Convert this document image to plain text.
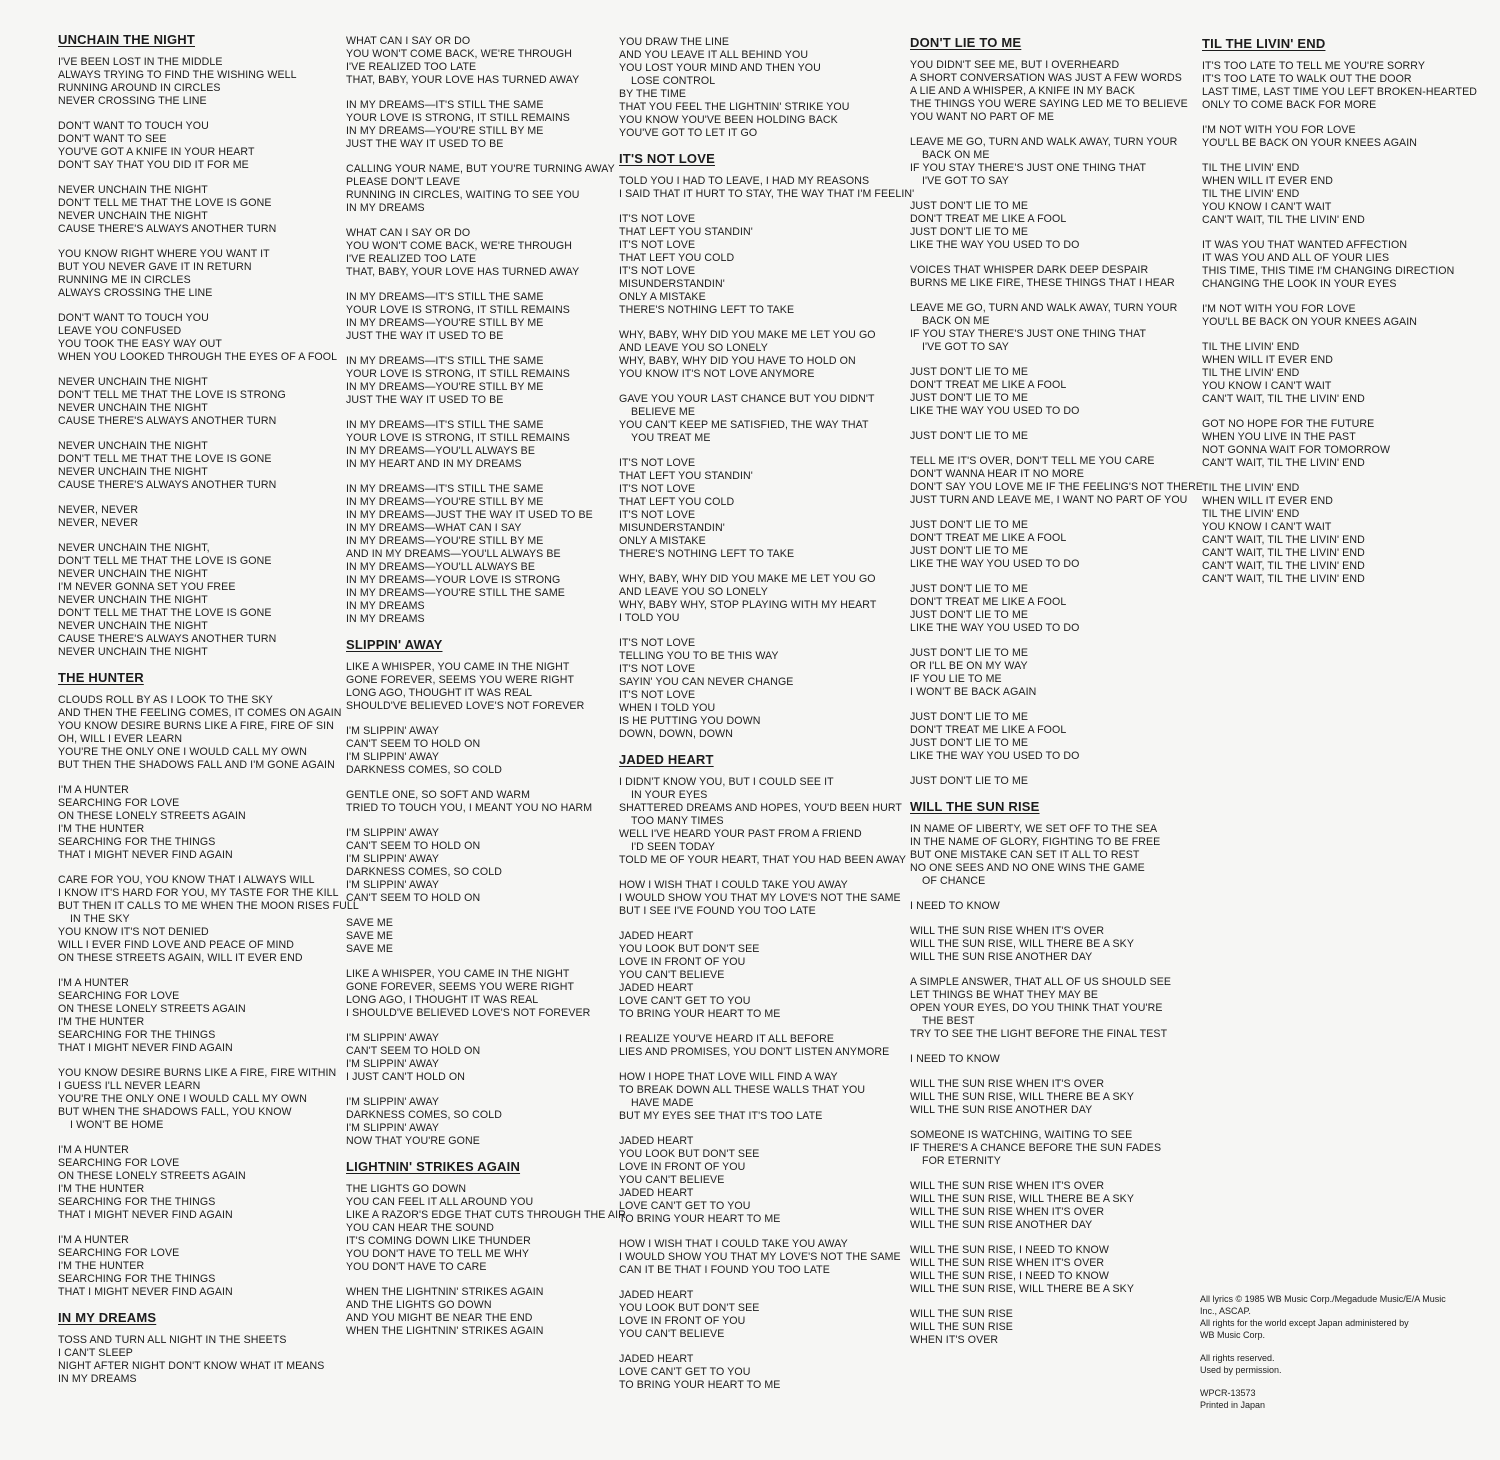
UNCHAIN THE NIGHT
I'VE BEEN LOST IN THE MIDDLE
ALWAYS TRYING TO FIND THE WISHING WELL
RUNNING AROUND IN CIRCLES
NEVER CROSSING THE LINE
DON'T WANT TO TOUCH YOU
DON'T WANT TO SEE
YOU'VE GOT A KNIFE IN YOUR HEART
DON'T SAY THAT YOU DID IT FOR ME
NEVER UNCHAIN THE NIGHT
DON'T TELL ME THAT THE LOVE IS GONE
NEVER UNCHAIN THE NIGHT
CAUSE THERE'S ALWAYS ANOTHER TURN
YOU KNOW RIGHT WHERE YOU WANT IT
BUT YOU NEVER GAVE IT IN RETURN
RUNNING ME IN CIRCLES
ALWAYS CROSSING THE LINE
DON'T WANT TO TOUCH YOU
LEAVE YOU CONFUSED
YOU TOOK THE EASY WAY OUT
WHEN YOU LOOKED THROUGH THE EYES OF A FOOL
NEVER UNCHAIN THE NIGHT
DON'T TELL ME THAT THE LOVE IS STRONG
NEVER UNCHAIN THE NIGHT
CAUSE THERE'S ALWAYS ANOTHER TURN
NEVER UNCHAIN THE NIGHT
DON'T TELL ME THAT THE LOVE IS GONE
NEVER UNCHAIN THE NIGHT
CAUSE THERE'S ALWAYS ANOTHER TURN
NEVER, NEVER
NEVER, NEVER
NEVER UNCHAIN THE NIGHT,
DON'T TELL ME THAT THE LOVE IS GONE
NEVER UNCHAIN THE NIGHT
I'M NEVER GONNA SET YOU FREE
NEVER UNCHAIN THE NIGHT
DON'T TELL ME THAT THE LOVE IS GONE
NEVER UNCHAIN THE NIGHT
CAUSE THERE'S ALWAYS ANOTHER TURN
NEVER UNCHAIN THE NIGHT
THE HUNTER
CLOUDS ROLL BY AS I LOOK TO THE SKY
AND THEN THE FEELING COMES, IT COMES ON AGAIN
YOU KNOW DESIRE BURNS LIKE A FIRE, FIRE OF SIN
OH, WILL I EVER LEARN
YOU'RE THE ONLY ONE I WOULD CALL MY OWN
BUT THEN THE SHADOWS FALL AND I'M GONE AGAIN
I'M A HUNTER
SEARCHING FOR LOVE
ON THESE LONELY STREETS AGAIN
I'M THE HUNTER
SEARCHING FOR THE THINGS
THAT I MIGHT NEVER FIND AGAIN
CARE FOR YOU, YOU KNOW THAT I ALWAYS WILL
I KNOW IT'S HARD FOR YOU, MY TASTE FOR THE KILL
BUT THEN IT CALLS TO ME WHEN THE MOON RISES FULL
IN THE SKY
YOU KNOW IT'S NOT DENIED
WILL I EVER FIND LOVE AND PEACE OF MIND
ON THESE STREETS AGAIN, WILL IT EVER END
I'M A HUNTER
SEARCHING FOR LOVE
ON THESE LONELY STREETS AGAIN
I'M THE HUNTER
SEARCHING FOR THE THINGS
THAT I MIGHT NEVER FIND AGAIN
YOU KNOW DESIRE BURNS LIKE A FIRE, FIRE WITHIN
I GUESS I'LL NEVER LEARN
YOU'RE THE ONLY ONE I WOULD CALL MY OWN
BUT WHEN THE SHADOWS FALL, YOU KNOW
I WON'T BE HOME
I'M A HUNTER
SEARCHING FOR LOVE
ON THESE LONELY STREETS AGAIN
I'M THE HUNTER
SEARCHING FOR THE THINGS
THAT I MIGHT NEVER FIND AGAIN
I'M A HUNTER
SEARCHING FOR LOVE
I'M THE HUNTER
SEARCHING FOR THE THINGS
THAT I MIGHT NEVER FIND AGAIN
IN MY DREAMS
TOSS AND TURN ALL NIGHT IN THE SHEETS
I CAN'T SLEEP
NIGHT AFTER NIGHT DON'T KNOW WHAT IT MEANS
IN MY DREAMS
WHAT CAN I SAY OR DO
YOU WON'T COME BACK, WE'RE THROUGH
I'VE REALIZED TOO LATE
THAT, BABY, YOUR LOVE HAS TURNED AWAY
IN MY DREAMS—IT'S STILL THE SAME
YOUR LOVE IS STRONG, IT STILL REMAINS
IN MY DREAMS—YOU'RE STILL BY ME
JUST THE WAY IT USED TO BE
CALLING YOUR NAME, BUT YOU'RE TURNING AWAY
PLEASE DON'T LEAVE
RUNNING IN CIRCLES, WAITING TO SEE YOU
IN MY DREAMS
WHAT CAN I SAY OR DO
YOU WON'T COME BACK, WE'RE THROUGH
I'VE REALIZED TOO LATE
THAT, BABY, YOUR LOVE HAS TURNED AWAY
IN MY DREAMS—IT'S STILL THE SAME
YOUR LOVE IS STRONG, IT STILL REMAINS
IN MY DREAMS—YOU'RE STILL BY ME
JUST THE WAY IT USED TO BE
IN MY DREAMS—IT'S STILL THE SAME
YOUR LOVE IS STRONG, IT STILL REMAINS
IN MY DREAMS—YOU'RE STILL BY ME
JUST THE WAY IT USED TO BE
IN MY DREAMS—IT'S STILL THE SAME
YOUR LOVE IS STRONG, IT STILL REMAINS
IN MY DREAMS—YOU'LL ALWAYS BE
IN MY HEART AND IN MY DREAMS
IN MY DREAMS—IT'S STILL THE SAME
IN MY DREAMS—YOU'RE STILL BY ME
IN MY DREAMS—JUST THE WAY IT USED TO BE
IN MY DREAMS—WHAT CAN I SAY
IN MY DREAMS—YOU'RE STILL BY ME
AND IN MY DREAMS—YOU'LL ALWAYS BE
IN MY DREAMS—YOU'LL ALWAYS BE
IN MY DREAMS—YOUR LOVE IS STRONG
IN MY DREAMS—YOU'RE STILL THE SAME
IN MY DREAMS
IN MY DREAMS
SLIPPIN' AWAY
LIKE A WHISPER, YOU CAME IN THE NIGHT
GONE FOREVER, SEEMS YOU WERE RIGHT
LONG AGO, THOUGHT IT WAS REAL
SHOULD'VE BELIEVED LOVE'S NOT FOREVER
I'M SLIPPIN' AWAY
CAN'T SEEM TO HOLD ON
I'M SLIPPIN' AWAY
DARKNESS COMES, SO COLD
GENTLE ONE, SO SOFT AND WARM
TRIED TO TOUCH YOU, I MEANT YOU NO HARM
I'M SLIPPIN' AWAY
CAN'T SEEM TO HOLD ON
I'M SLIPPIN' AWAY
DARKNESS COMES, SO COLD
I'M SLIPPIN' AWAY
CAN'T SEEM TO HOLD ON
SAVE ME
SAVE ME
SAVE ME
LIKE A WHISPER, YOU CAME IN THE NIGHT
GONE FOREVER, SEEMS YOU WERE RIGHT
LONG AGO, I THOUGHT IT WAS REAL
I SHOULD'VE BELIEVED LOVE'S NOT FOREVER
I'M SLIPPIN' AWAY
CAN'T SEEM TO HOLD ON
I'M SLIPPIN' AWAY
I JUST CAN'T HOLD ON
I'M SLIPPIN' AWAY
DARKNESS COMES, SO COLD
I'M SLIPPIN' AWAY
NOW THAT YOU'RE GONE
LIGHTNIN' STRIKES AGAIN
THE LIGHTS GO DOWN
YOU CAN FEEL IT ALL AROUND YOU
LIKE A RAZOR'S EDGE THAT CUTS THROUGH THE AIR
YOU CAN HEAR THE SOUND
IT'S COMING DOWN LIKE THUNDER
YOU DON'T HAVE TO TELL ME WHY
YOU DON'T HAVE TO CARE
WHEN THE LIGHTNIN' STRIKES AGAIN
AND THE LIGHTS GO DOWN
AND YOU MIGHT BE NEAR THE END
WHEN THE LIGHTNIN' STRIKES AGAIN
YOU DRAW THE LINE
AND YOU LEAVE IT ALL BEHIND YOU
YOU LOST YOUR MIND AND THEN YOU
LOSE CONTROL
BY THE TIME
THAT YOU FEEL THE LIGHTNIN' STRIKE YOU
YOU KNOW YOU'VE BEEN HOLDING BACK
YOU'VE GOT TO LET IT GO
IT'S NOT LOVE
TOLD YOU I HAD TO LEAVE, I HAD MY REASONS
I SAID THAT IT HURT TO STAY, THE WAY THAT I'M FEELIN'
IT'S NOT LOVE
THAT LEFT YOU STANDIN'
IT'S NOT LOVE
THAT LEFT YOU COLD
IT'S NOT LOVE
MISUNDERSTANDIN'
ONLY A MISTAKE
THERE'S NOTHING LEFT TO TAKE
WHY, BABY, WHY DID YOU MAKE ME LET YOU GO
AND LEAVE YOU SO LONELY
WHY, BABY, WHY DID YOU HAVE TO HOLD ON
YOU KNOW IT'S NOT LOVE ANYMORE
GAVE YOU YOUR LAST CHANCE BUT YOU DIDN'T
BELIEVE ME
YOU CAN'T KEEP ME SATISFIED, THE WAY THAT
YOU TREAT ME
IT'S NOT LOVE
THAT LEFT YOU STANDIN'
IT'S NOT LOVE
THAT LEFT YOU COLD
IT'S NOT LOVE
MISUNDERSTANDIN'
ONLY A MISTAKE
THERE'S NOTHING LEFT TO TAKE
WHY, BABY, WHY DID YOU MAKE ME LET YOU GO
AND LEAVE YOU SO LONELY
WHY, BABY WHY, STOP PLAYING WITH MY HEART
I TOLD YOU
IT'S NOT LOVE
TELLING YOU TO BE THIS WAY
IT'S NOT LOVE
SAYIN' YOU CAN NEVER CHANGE
IT'S NOT LOVE
WHEN I TOLD YOU
IS HE PUTTING YOU DOWN
DOWN, DOWN, DOWN
JADED HEART
I DIDN'T KNOW YOU, BUT I COULD SEE IT
IN YOUR EYES
SHATTERED DREAMS AND HOPES, YOU'D BEEN HURT
TOO MANY TIMES
WELL I'VE HEARD YOUR PAST FROM A FRIEND
I'D SEEN TODAY
TOLD ME OF YOUR HEART, THAT YOU HAD BEEN AWAY
HOW I WISH THAT I COULD TAKE YOU AWAY
I WOULD SHOW YOU THAT MY LOVE'S NOT THE SAME
BUT I SEE I'VE FOUND YOU TOO LATE
JADED HEART
YOU LOOK BUT DON'T SEE
LOVE IN FRONT OF YOU
YOU CAN'T BELIEVE
JADED HEART
LOVE CAN'T GET TO YOU
TO BRING YOUR HEART TO ME
I REALIZE YOU'VE HEARD IT ALL BEFORE
LIES AND PROMISES, YOU DON'T LISTEN ANYMORE
HOW I HOPE THAT LOVE WILL FIND A WAY
TO BREAK DOWN ALL THESE WALLS THAT YOU
HAVE MADE
BUT MY EYES SEE THAT IT'S TOO LATE
JADED HEART
YOU LOOK BUT DON'T SEE
LOVE IN FRONT OF YOU
YOU CAN'T BELIEVE
JADED HEART
LOVE CAN'T GET TO YOU
TO BRING YOUR HEART TO ME
HOW I WISH THAT I COULD TAKE YOU AWAY
I WOULD SHOW YOU THAT MY LOVE'S NOT THE SAME
CAN IT BE THAT I FOUND YOU TOO LATE
JADED HEART
YOU LOOK BUT DON'T SEE
LOVE IN FRONT OF YOU
YOU CAN'T BELIEVE
JADED HEART
LOVE CAN'T GET TO YOU
TO BRING YOUR HEART TO ME
DON'T LIE TO ME
YOU DIDN'T SEE ME, BUT I OVERHEARD
A SHORT CONVERSATION WAS JUST A FEW WORDS
A LIE AND A WHISPER, A KNIFE IN MY BACK
THE THINGS YOU WERE SAYING LED ME TO BELIEVE
YOU WANT NO PART OF ME
LEAVE ME GO, TURN AND WALK AWAY, TURN YOUR
BACK ON ME
IF YOU STAY THERE'S JUST ONE THING THAT
I'VE GOT TO SAY
JUST DON'T LIE TO ME
DON'T TREAT ME LIKE A FOOL
JUST DON'T LIE TO ME
LIKE THE WAY YOU USED TO DO
VOICES THAT WHISPER DARK DEEP DESPAIR
BURNS ME LIKE FIRE, THESE THINGS THAT I HEAR
LEAVE ME GO, TURN AND WALK AWAY, TURN YOUR
BACK ON ME
IF YOU STAY THERE'S JUST ONE THING THAT
I'VE GOT TO SAY
JUST DON'T LIE TO ME
DON'T TREAT ME LIKE A FOOL
JUST DON'T LIE TO ME
LIKE THE WAY YOU USED TO DO
JUST DON'T LIE TO ME
TELL ME IT'S OVER, DON'T TELL ME YOU CARE
DON'T WANNA HEAR IT NO MORE
DON'T SAY YOU LOVE ME IF THE FEELING'S NOT THERE
JUST TURN AND LEAVE ME, I WANT NO PART OF YOU
JUST DON'T LIE TO ME
DON'T TREAT ME LIKE A FOOL
JUST DON'T LIE TO ME
LIKE THE WAY YOU USED TO DO
JUST DON'T LIE TO ME
DON'T TREAT ME LIKE A FOOL
JUST DON'T LIE TO ME
LIKE THE WAY YOU USED TO DO
JUST DON'T LIE TO ME
OR I'LL BE ON MY WAY
IF YOU LIE TO ME
I WON'T BE BACK AGAIN
JUST DON'T LIE TO ME
DON'T TREAT ME LIKE A FOOL
JUST DON'T LIE TO ME
LIKE THE WAY YOU USED TO DO
JUST DON'T LIE TO ME
WILL THE SUN RISE
IN NAME OF LIBERTY, WE SET OFF TO THE SEA
IN THE NAME OF GLORY, FIGHTING TO BE FREE
BUT ONE MISTAKE CAN SET IT ALL TO REST
NO ONE SEES AND NO ONE WINS THE GAME
OF CHANCE
I NEED TO KNOW
WILL THE SUN RISE WHEN IT'S OVER
WILL THE SUN RISE, WILL THERE BE A SKY
WILL THE SUN RISE ANOTHER DAY
A SIMPLE ANSWER, THAT ALL OF US SHOULD SEE
LET THINGS BE WHAT THEY MAY BE
OPEN YOUR EYES, DO YOU THINK THAT YOU'RE
THE BEST
TRY TO SEE THE LIGHT BEFORE THE FINAL TEST
I NEED TO KNOW
WILL THE SUN RISE WHEN IT'S OVER
WILL THE SUN RISE, WILL THERE BE A SKY
WILL THE SUN RISE ANOTHER DAY
SOMEONE IS WATCHING, WAITING TO SEE
IF THERE'S A CHANCE BEFORE THE SUN FADES
FOR ETERNITY
WILL THE SUN RISE WHEN IT'S OVER
WILL THE SUN RISE, WILL THERE BE A SKY
WILL THE SUN RISE WHEN IT'S OVER
WILL THE SUN RISE ANOTHER DAY
WILL THE SUN RISE, I NEED TO KNOW
WILL THE SUN RISE WHEN IT'S OVER
WILL THE SUN RISE, I NEED TO KNOW
WILL THE SUN RISE, WILL THERE BE A SKY
WILL THE SUN RISE
WILL THE SUN RISE
WHEN IT'S OVER
TIL THE LIVIN' END
IT'S TOO LATE TO TELL ME YOU'RE SORRY
IT'S TOO LATE TO WALK OUT THE DOOR
LAST TIME, LAST TIME YOU LEFT BROKEN-HEARTED
ONLY TO COME BACK FOR MORE
I'M NOT WITH YOU FOR LOVE
YOU'LL BE BACK ON YOUR KNEES AGAIN
TIL THE LIVIN' END
WHEN WILL IT EVER END
TIL THE LIVIN' END
YOU KNOW I CAN'T WAIT
CAN'T WAIT, TIL THE LIVIN' END
IT WAS YOU THAT WANTED AFFECTION
IT WAS YOU AND ALL OF YOUR LIES
THIS TIME, THIS TIME I'M CHANGING DIRECTION
CHANGING THE LOOK IN YOUR EYES
I'M NOT WITH YOU FOR LOVE
YOU'LL BE BACK ON YOUR KNEES AGAIN
TIL THE LIVIN' END
WHEN WILL IT EVER END
TIL THE LIVIN' END
YOU KNOW I CAN'T WAIT
CAN'T WAIT, TIL THE LIVIN' END
GOT NO HOPE FOR THE FUTURE
WHEN YOU LIVE IN THE PAST
NOT GONNA WAIT FOR TOMORROW
CAN'T WAIT, TIL THE LIVIN' END
TIL THE LIVIN' END
WHEN WILL IT EVER END
TIL THE LIVIN' END
YOU KNOW I CAN'T WAIT
CAN'T WAIT, TIL THE LIVIN' END
CAN'T WAIT, TIL THE LIVIN' END
CAN'T WAIT, TIL THE LIVIN' END
CAN'T WAIT, TIL THE LIVIN' END
All lyrics © 1985 WB Music Corp./Megadude Music/E/A Music
Inc., ASCAP.
All rights for the world except Japan administered by
WB Music Corp.
All rights reserved.
Used by permission.
WPCR-13573
Printed in Japan
